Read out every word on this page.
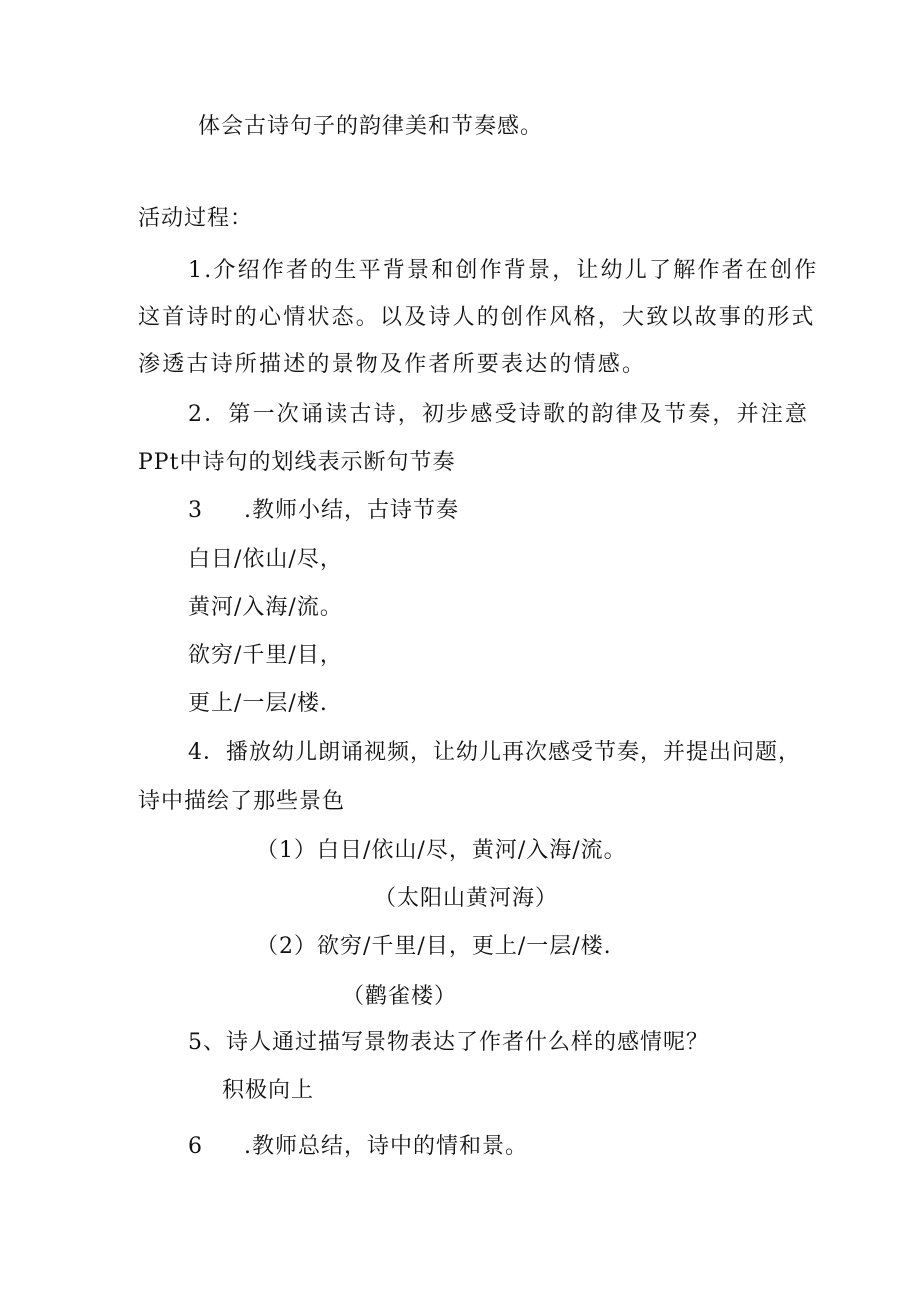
体会古诗句子的韵律美和节奏感。
活动过程：
1.介绍作者的生平背景和创作背景，让幼儿了解作者在创作
这首诗时的心情状态。以及诗人的创作风格，大致以故事的形式
渗透古诗所描述的景物及作者所要表达的情感。
2．第一次诵读古诗，初步感受诗歌的韵律及节奏，并注意
PPt中诗句的划线表示断句节奏
3 .教师小结，古诗节奏
白日/依山/尽，
黄河/入海/流。
欲穷/千里/目，
更上/一层/楼.
4．播放幼儿朗诵视频，让幼儿再次感受节奏，并提出问题，
诗中描绘了那些景色
（1）白日/依山/尽，黄河/入海/流。
（太阳山黄河海）
（2）欲穷/千里/目，更上/一层/楼.
（鹳雀楼）
5、诗人通过描写景物表达了作者什么样的感情呢？
积极向上
6 .教师总结，诗中的情和景。
